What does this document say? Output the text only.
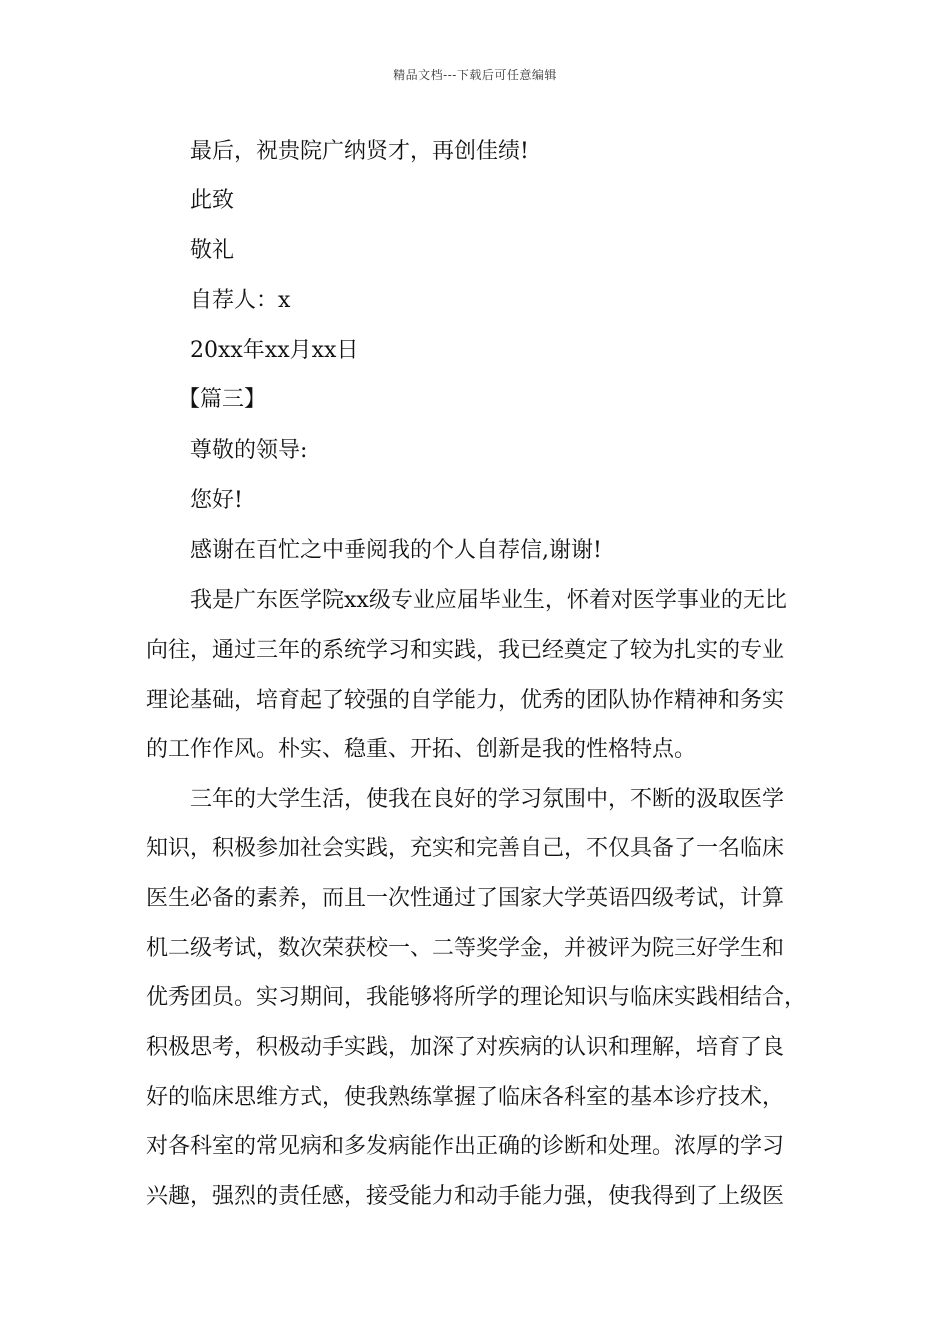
精品文档---下载后可任意编辑
最后，祝贵院广纳贤才，再创佳绩!
此致
敬礼
自荐人：x
20xx年xx月xx日
【篇三】
尊敬的领导:
您好!
感谢在百忙之中垂阅我的个人自荐信,谢谢!
我是广东医学院xx级专业应届毕业生，怀着对医学事业的无比
向往，通过三年的系统学习和实践，我已经奠定了较为扎实的专业
理论基础，培育起了较强的自学能力，优秀的团队协作精神和务实
的工作作风。朴实、稳重、开拓、创新是我的性格特点。
三年的大学生活，使我在良好的学习氛围中，不断的汲取医学
知识，积极参加社会实践，充实和完善自己，不仅具备了一名临床
医生必备的素养，而且一次性通过了国家大学英语四级考试，计算
机二级考试，数次荣获校一、二等奖学金，并被评为院三好学生和
优秀团员。实习期间，我能够将所学的理论知识与临床实践相结合，
积极思考，积极动手实践，加深了对疾病的认识和理解，培育了良
好的临床思维方式，使我熟练掌握了临床各科室的基本诊疗技术，
对各科室的常见病和多发病能作出正确的诊断和处理。浓厚的学习
兴趣，强烈的责任感，接受能力和动手能力强，使我得到了上级医
